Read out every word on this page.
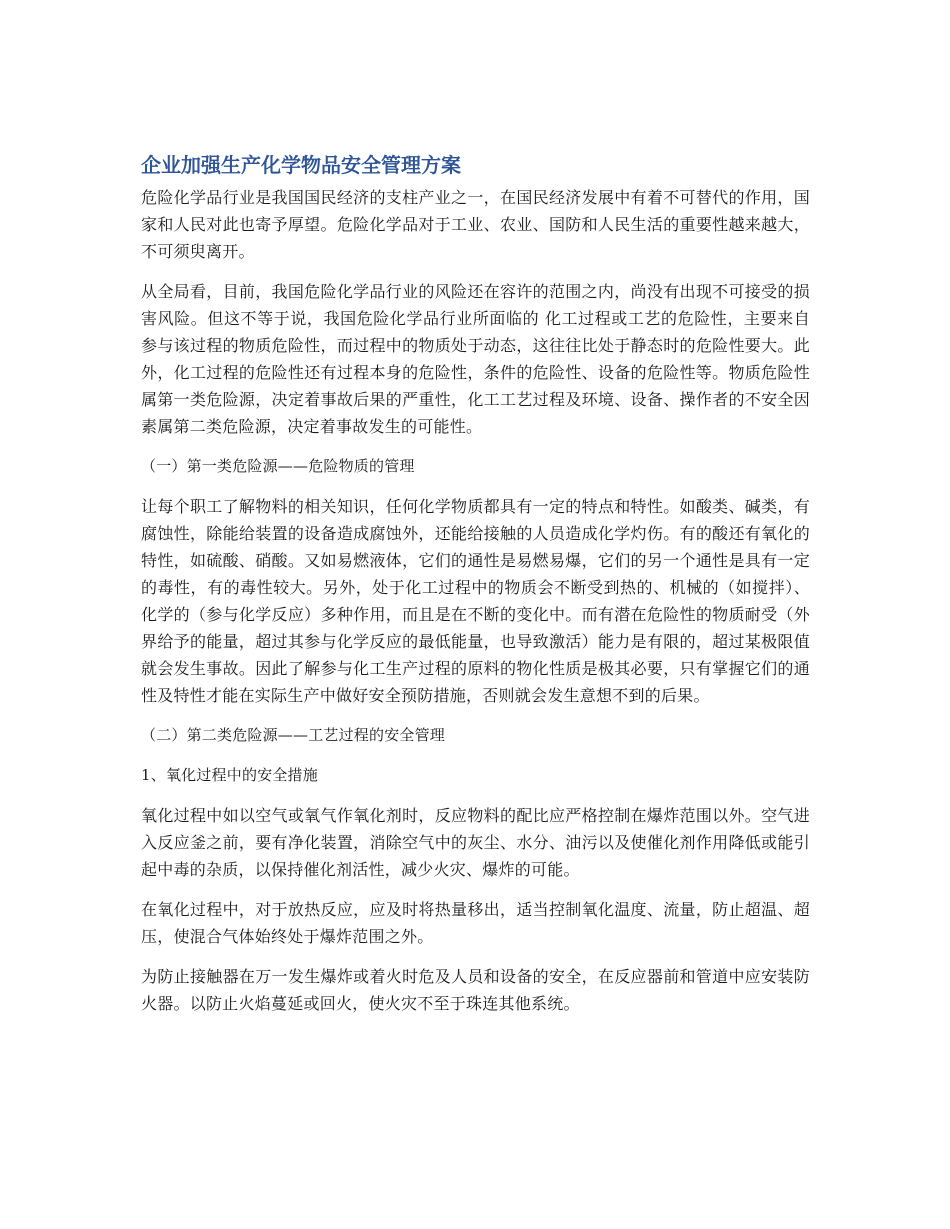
企业加强生产化学物品安全管理方案

危险化学品行业是我国国民经济的支柱产业之一，在国民经济发展中有着不可替代的作用，国家和人民对此也寄予厚望。危险化学品对于工业、农业、国防和人民生活的重要性越来越大，不可须臾离开。

从全局看，目前，我国危险化学品行业的风险还在容许的范围之内，尚没有出现不可接受的损害风险。但这不等于说，我国危险化学品行业所面临的 化工过程或工艺的危险性，主要来自参与该过程的物质危险性，而过程中的物质处于动态，这往往比处于静态时的危险性要大。此外，化工过程的危险性还有过程本身的危险性，条件的危险性、设备的危险性等。物质危险性属第一类危险源，决定着事故后果的严重性，化工工艺过程及环境、设备、操作者的不安全因素属第二类危险源，决定着事故发生的可能性。

（一）第一类危险源——危险物质的管理

让每个职工了解物料的相关知识，任何化学物质都具有一定的特点和特性。如酸类、碱类，有腐蚀性，除能给装置的设备造成腐蚀外，还能给接触的人员造成化学灼伤。有的酸还有氧化的特性，如硫酸、硝酸。又如易燃液体，它们的通性是易燃易爆，它们的另一个通性是具有一定的毒性，有的毒性较大。另外，处于化工过程中的物质会不断受到热的、机械的（如搅拌）、化学的（参与化学反应）多种作用，而且是在不断的变化中。而有潜在危险性的物质耐受（外界给予的能量，超过其参与化学反应的最低能量，也导致激活）能力是有限的，超过某极限值就会发生事故。因此了解参与化工生产过程的原料的物化性质是极其必要，只有掌握它们的通性及特性才能在实际生产中做好安全预防措施，否则就会发生意想不到的后果。

（二）第二类危险源——工艺过程的安全管理

1、氧化过程中的安全措施

氧化过程中如以空气或氧气作氧化剂时，反应物料的配比应严格控制在爆炸范围以外。空气进入反应釜之前，要有净化装置，消除空气中的灰尘、水分、油污以及使催化剂作用降低或能引起中毒的杂质，以保持催化剂活性，减少火灾、爆炸的可能。

在氧化过程中，对于放热反应，应及时将热量移出，适当控制氧化温度、流量，防止超温、超压，使混合气体始终处于爆炸范围之外。

为防止接触器在万一发生爆炸或着火时危及人员和设备的安全，在反应器前和管道中应安装防火器。以防止火焰蔓延或回火，使火灾不至于珠连其他系统。
